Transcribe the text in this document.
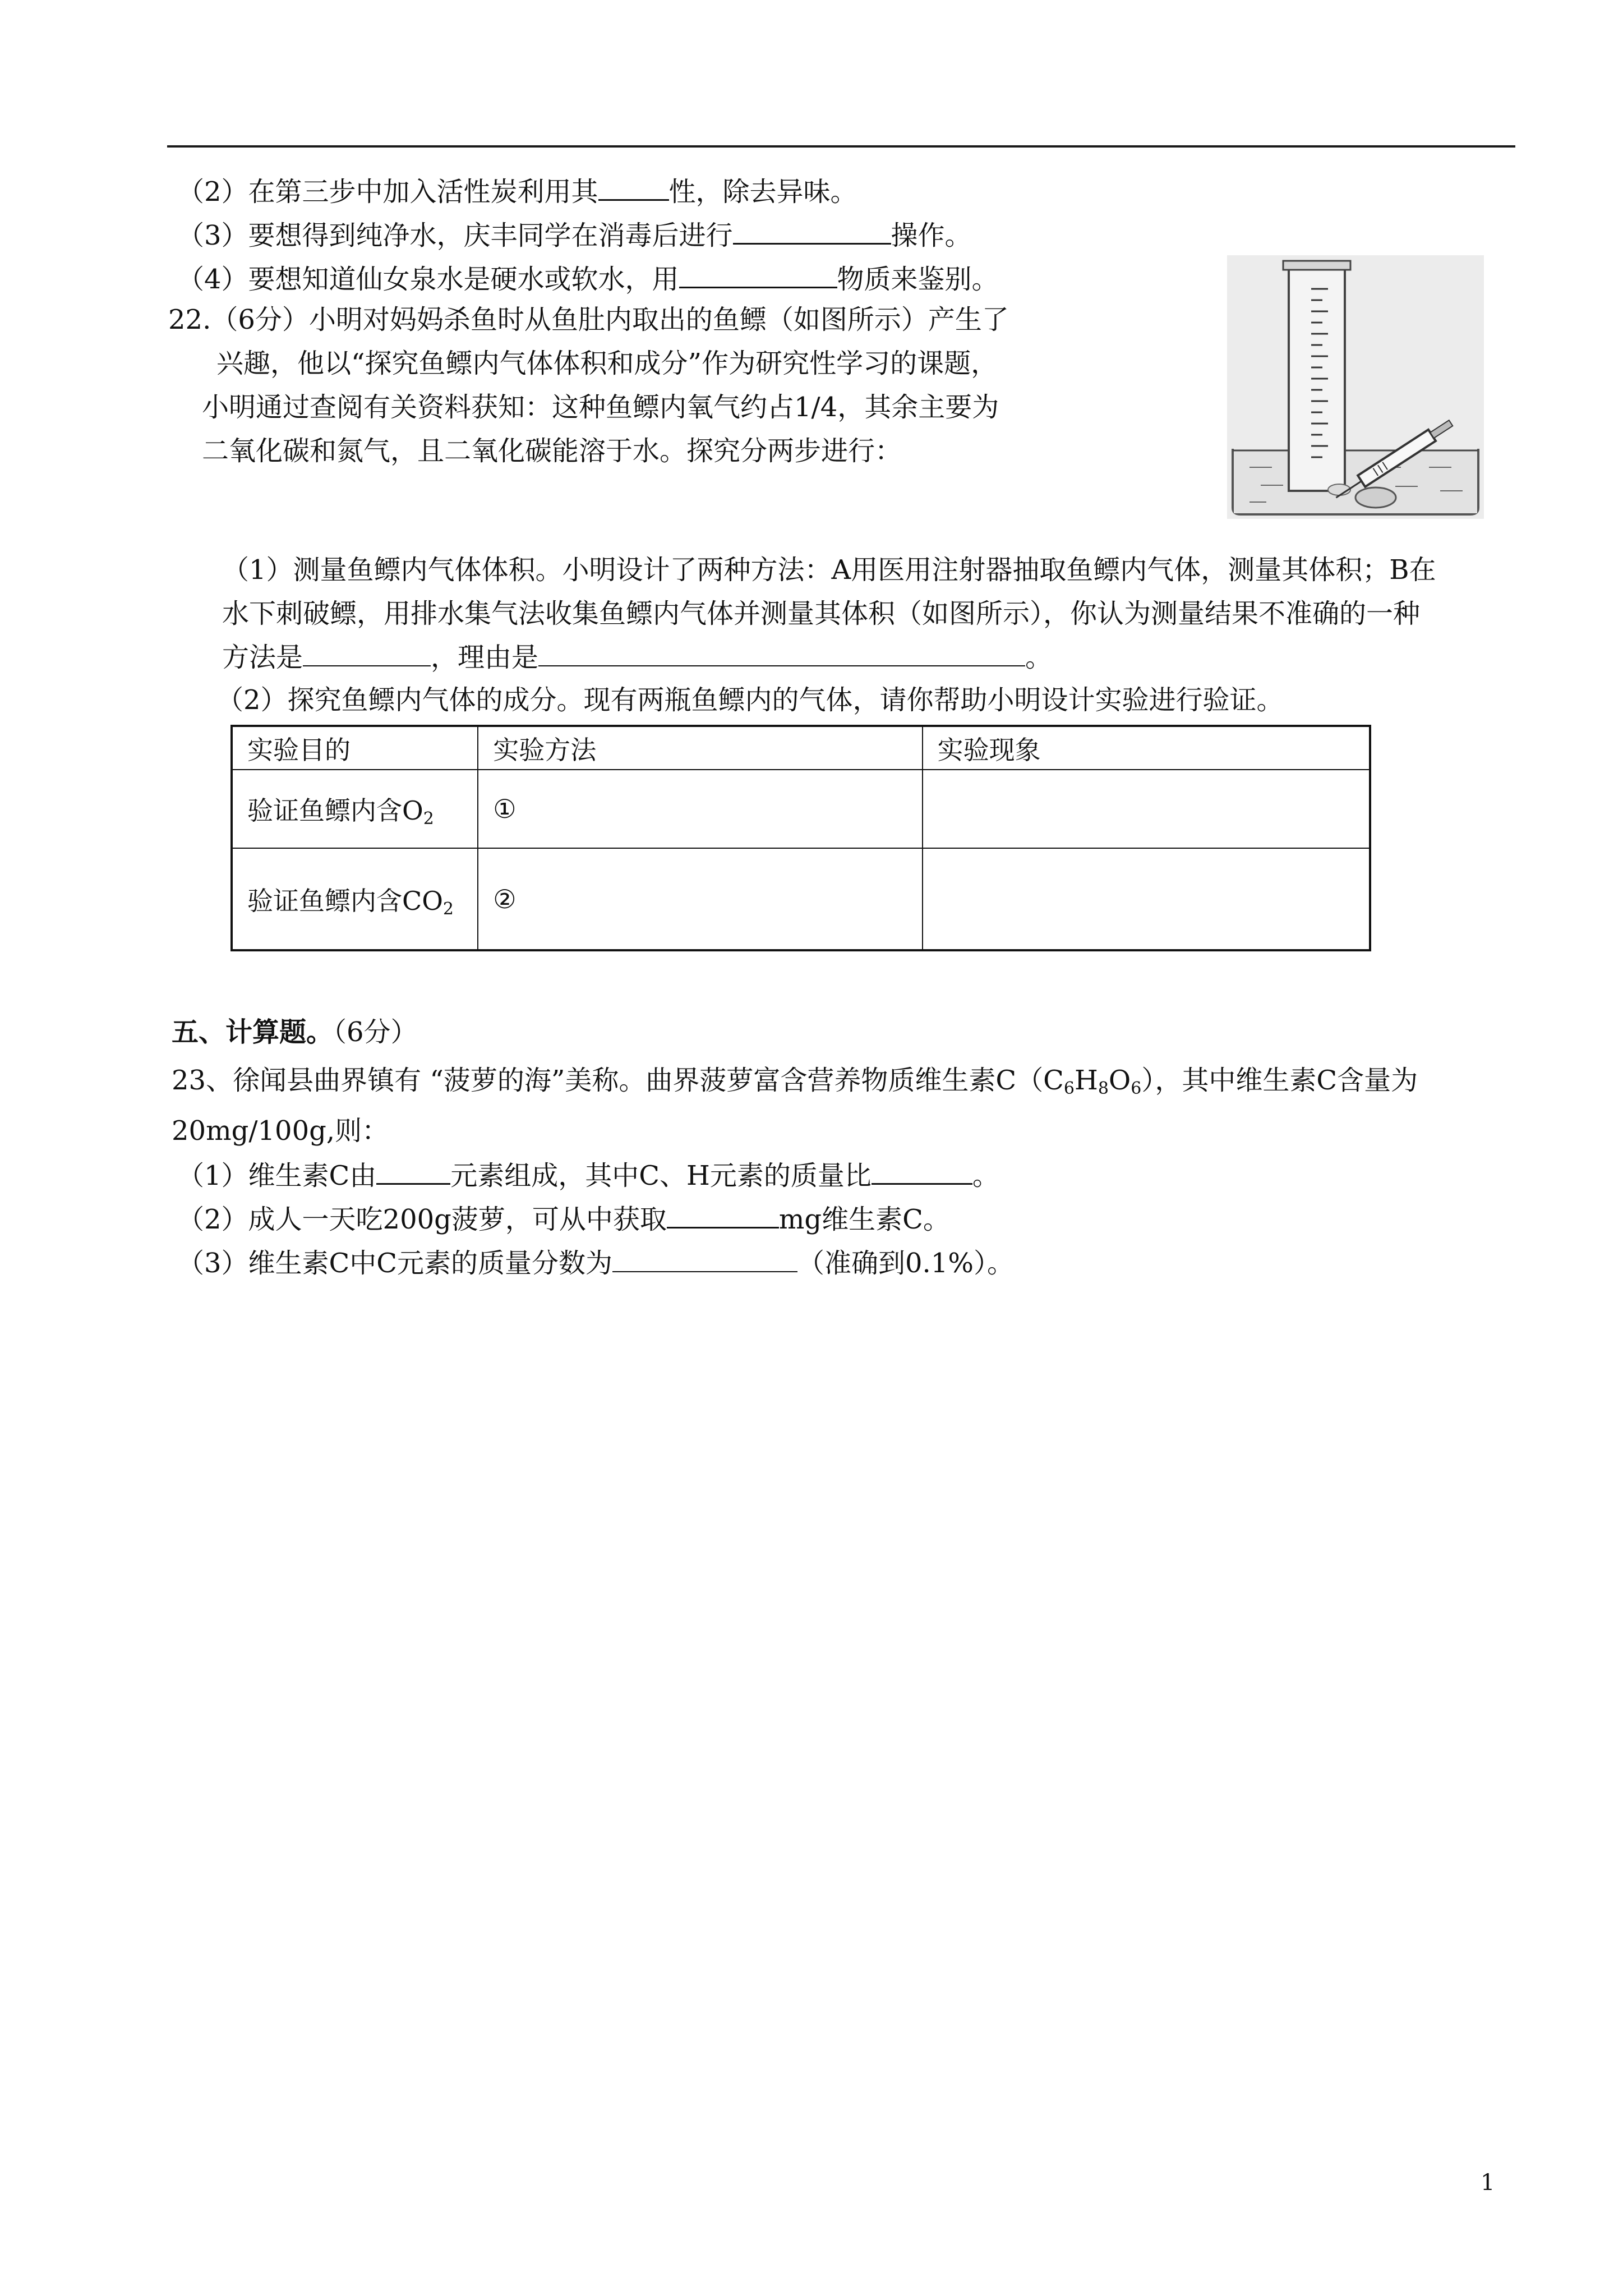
（2）在第三步中加入活性炭利用其	性，除去异味。
（3）要想得到纯净水，庆丰同学在消毒后进行	操作。
（4）要想知道仙女泉水是硬水或软水，用	物质来鉴别。
22.（6分）小明对妈妈杀鱼时从鱼肚内取出的鱼鳔（如图所示）产生了
兴趣，他以“探究鱼鳔内气体体积和成分”作为研究性学习的课题，
小明通过查阅有关资料获知：这种鱼鳔内氧气约占1/4，其余主要为
二氧化碳和氮气，且二氧化碳能溶于水。探究分两步进行：
（1）测量鱼鳔内气体体积。小明设计了两种方法：A用医用注射器抽取鱼鳔内气体，测量其体积；B在
水下刺破鳔，用排水集气法收集鱼鳔内气体并测量其体积（如图所示），你认为测量结果不准确的一种
方法是	，理由是	。
（2）探究鱼鳔内气体的成分。现有两瓶鱼鳔内的气体，请你帮助小明设计实验进行验证。
实验目的	实验方法	实验现象
验证鱼鳔内含$O_2$	①	
验证鱼鳔内含$CO_2$	②	
五、计算题。（6分）
23、徐闻县曲界镇有 “菠萝的海”美称。曲界菠萝富含营养物质维生素$C(C_6H_8O_6)$，其中维生素C含量为
20mg/100g,则：
（1）维生素C由	元素组成，其中C、H元素的质量比	。
（2）成人一天吃200g菠萝，可从中获取	mg维生素C。
（3）维生素C中C元素的质量分数为	（准确到0.1%）。
1
